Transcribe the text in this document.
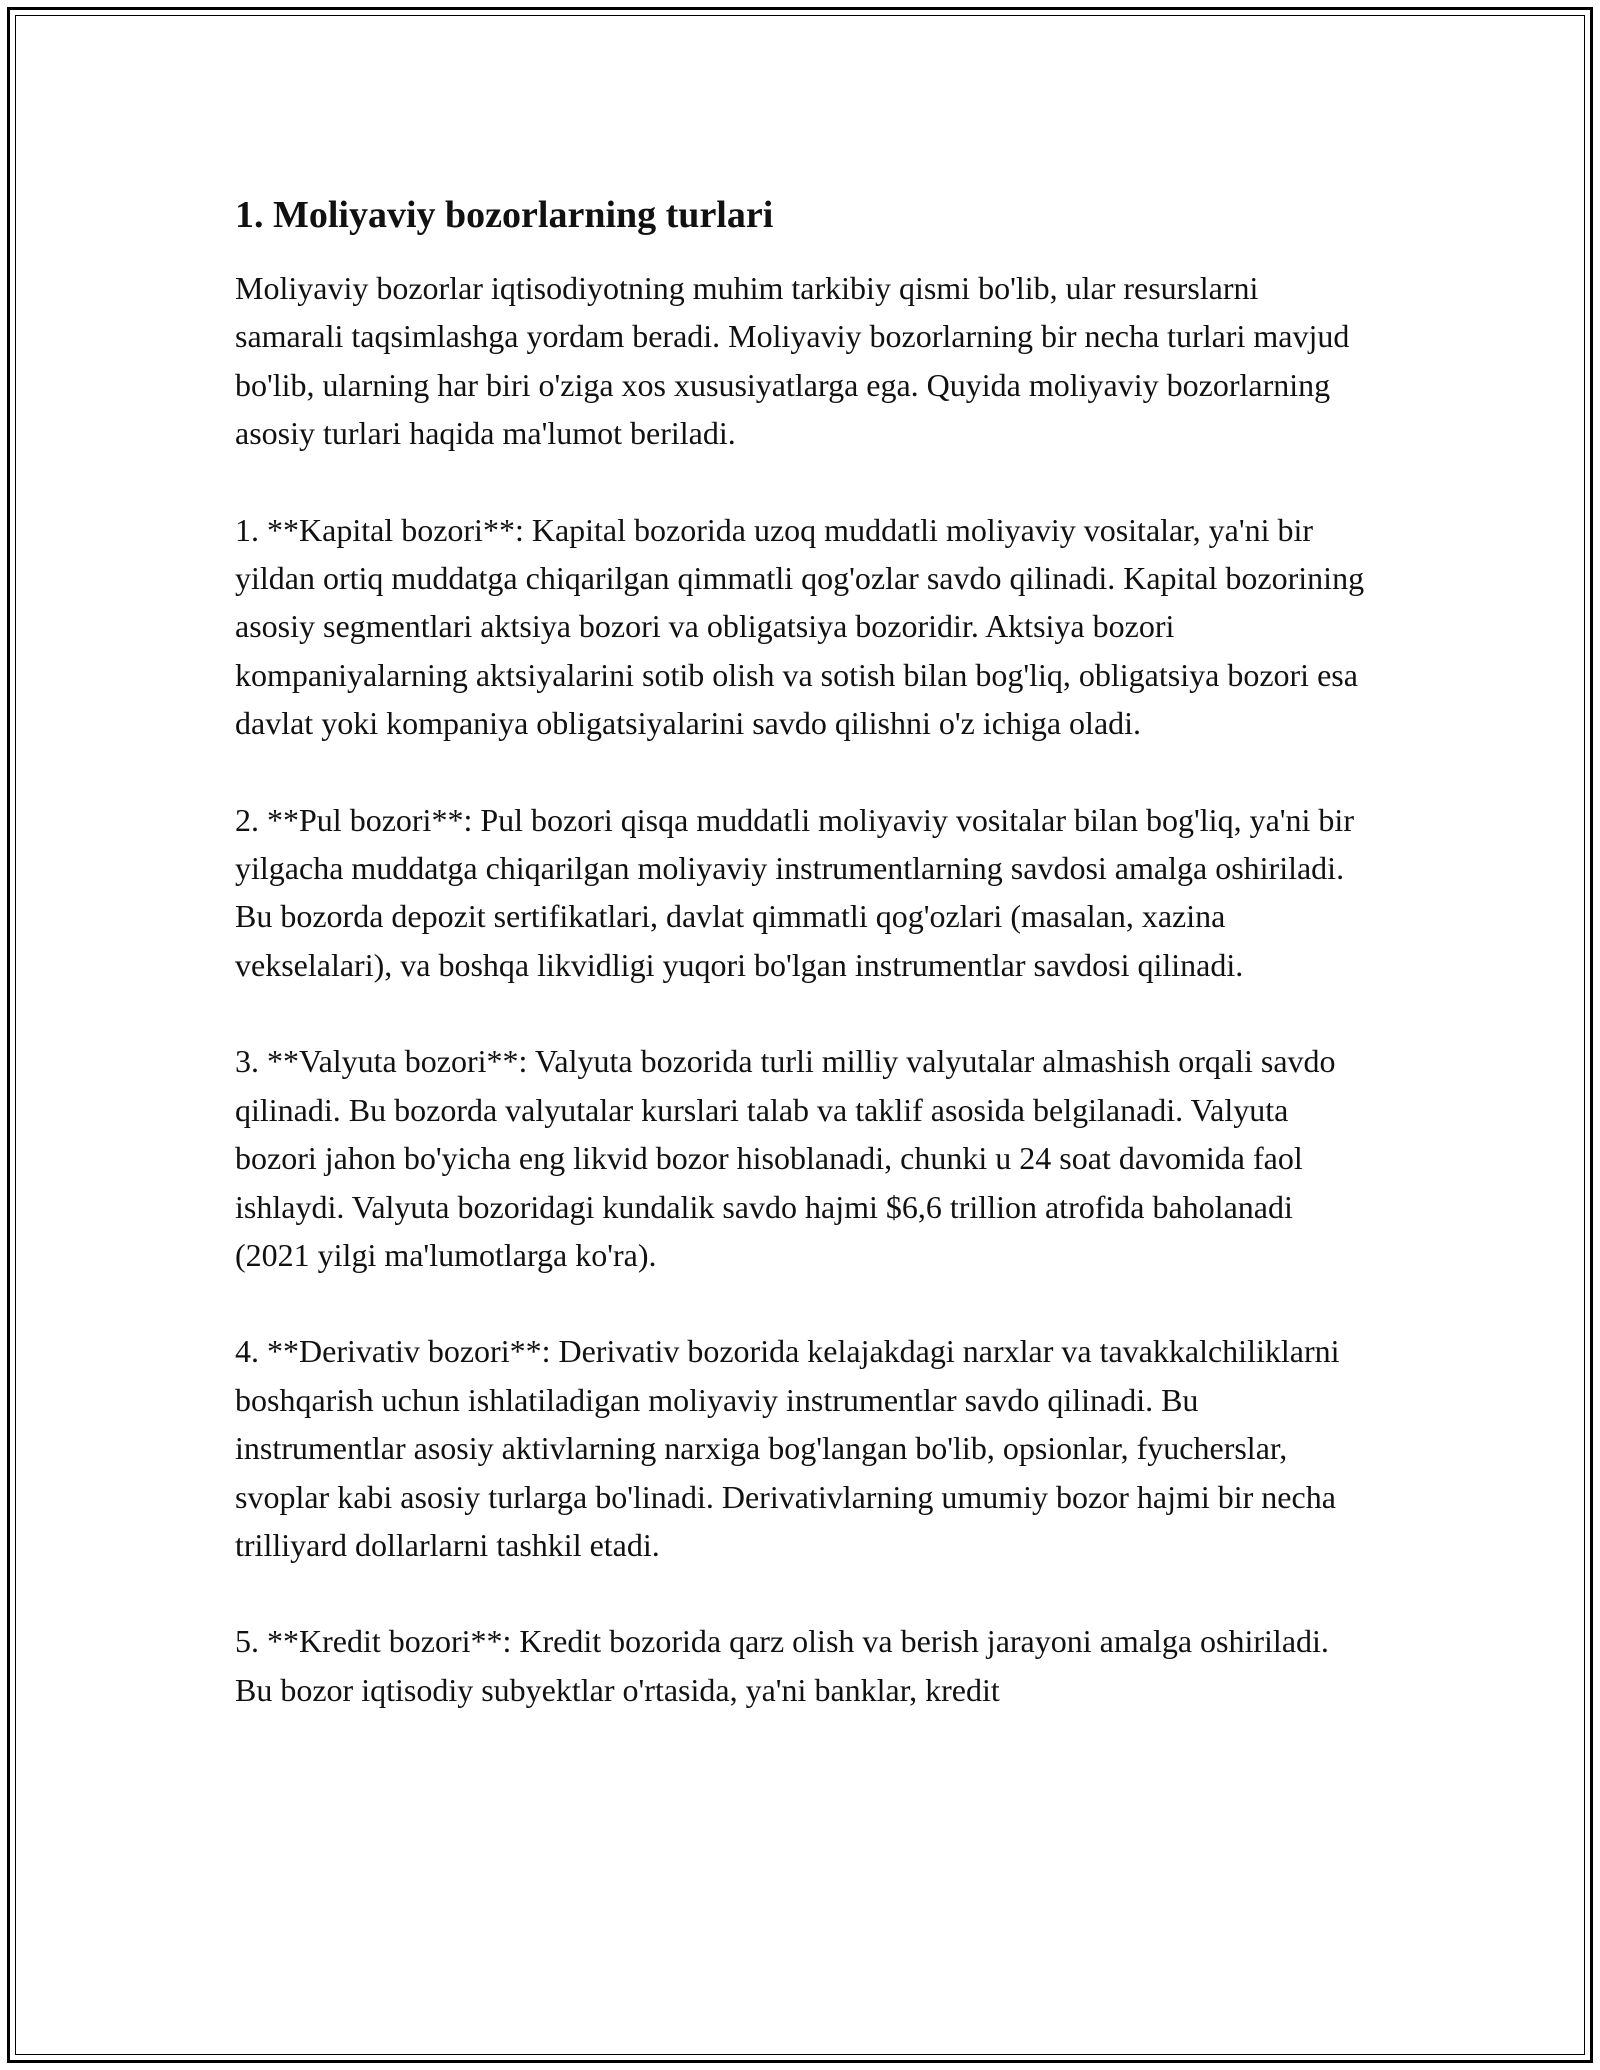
1. Moliyaviy bozorlarning turlari

Moliyaviy bozorlar iqtisodiyotning muhim tarkibiy qismi bo'lib, ular resurslarni samarali taqsimlashga yordam beradi. Moliyaviy bozorlarning bir necha turlari mavjud bo'lib, ularning har biri o'ziga xos xususiyatlarga ega. Quyida moliyaviy bozorlarning asosiy turlari haqida ma'lumot beriladi.

1. **Kapital bozori**: Kapital bozorida uzoq muddatli moliyaviy vositalar, ya'ni bir yildan ortiq muddatga chiqarilgan qimmatli qog'ozlar savdo qilinadi. Kapital bozorining asosiy segmentlari aktsiya bozori va obligatsiya bozoridir. Aktsiya bozori kompaniyalarning aktsiyalarini sotib olish va sotish bilan bog'liq, obligatsiya bozori esa davlat yoki kompaniya obligatsiyalarini savdo qilishni o'z ichiga oladi.

2. **Pul bozori**: Pul bozori qisqa muddatli moliyaviy vositalar bilan bog'liq, ya'ni bir yilgacha muddatga chiqarilgan moliyaviy instrumentlarning savdosi amalga oshiriladi. Bu bozorda depozit sertifikatlari, davlat qimmatli qog'ozlari (masalan, xazina vekselalari), va boshqa likvidligi yuqori bo'lgan instrumentlar savdosi qilinadi.

3. **Valyuta bozori**: Valyuta bozorida turli milliy valyutalar almashish orqali savdo qilinadi. Bu bozorda valyutalar kurslari talab va taklif asosida belgilanadi. Valyuta bozori jahon bo'yicha eng likvid bozor hisoblanadi, chunki u 24 soat davomida faol ishlaydi. Valyuta bozoridagi kundalik savdo hajmi $6,6 trillion atrofida baholanadi (2021 yilgi ma'lumotlarga ko'ra).

4. **Derivativ bozori**: Derivativ bozorida kelajakdagi narxlar va tavakkalchiliklarni boshqarish uchun ishlatiladigan moliyaviy instrumentlar savdo qilinadi. Bu instrumentlar asosiy aktivlarning narxiga bog'langan bo'lib, opsionlar, fyucherslar, svoplar kabi asosiy turlarga bo'linadi. Derivativlarning umumiy bozor hajmi bir necha trilliyard dollarlarni tashkil etadi.

5. **Kredit bozori**: Kredit bozorida qarz olish va berish jarayoni amalga oshiriladi. Bu bozor iqtisodiy subyektlar o'rtasida, ya'ni banklar, kredit
